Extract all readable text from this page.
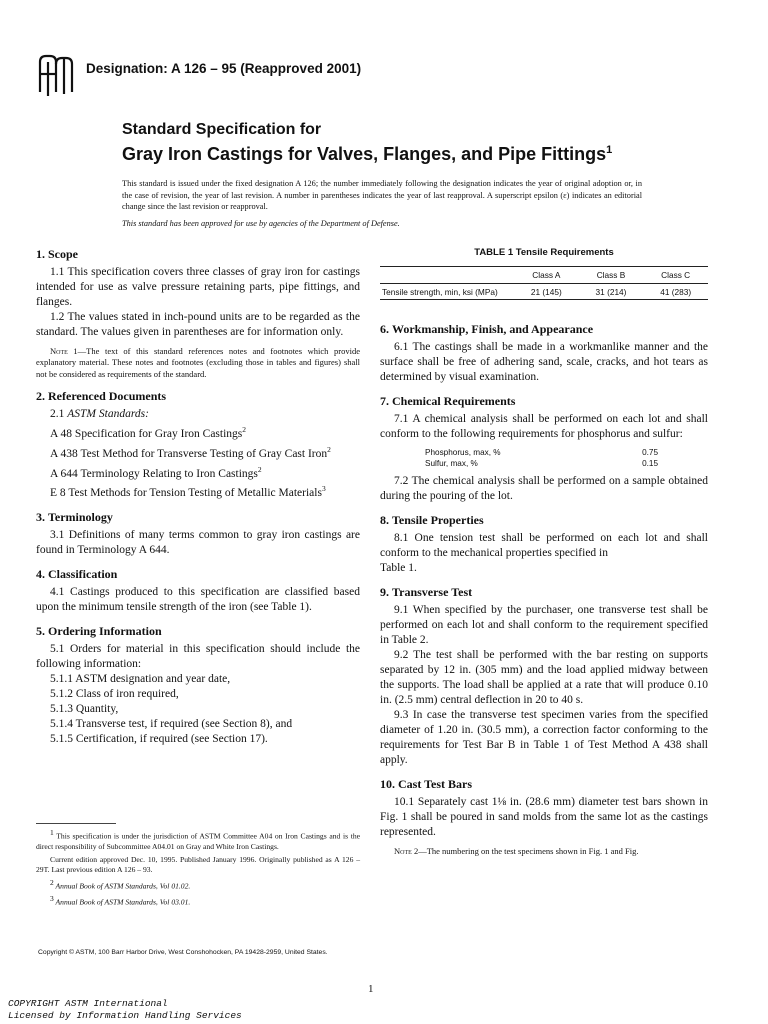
Designation: A 126 – 95 (Reapproved 2001)
Standard Specification for
Gray Iron Castings for Valves, Flanges, and Pipe Fittings$^1$
This standard is issued under the fixed designation A 126; the number immediately following the designation indicates the year of original adoption or, in the case of revision, the year of last revision. A number in parentheses indicates the year of last reapproval. A superscript epsilon (ε) indicates an editorial change since the last revision or reapproval.
This standard has been approved for use by agencies of the Department of Defense.
1. Scope

1.1 This specification covers three classes of gray iron for castings intended for use as valve pressure retaining parts, pipe fittings, and flanges.

1.2 The values stated in inch-pound units are to be regarded as the standard. The values given in parentheses are for information only.

Note 1—The text of this standard references notes and footnotes which provide explanatory material. These notes and footnotes (excluding those in tables and figures) shall not be considered as requirements of the standard.

2. Referenced Documents

2.1 ASTM Standards:

A 48 Specification for Gray Iron Castings$^2$
A 438 Test Method for Transverse Testing of Gray Cast Iron$^2$
A 644 Terminology Relating to Iron Castings$^2$
E 8 Test Methods for Tension Testing of Metallic Materials$^3$
3. Terminology

3.1 Definitions of many terms common to gray iron castings are found in Terminology A 644.

4. Classification

4.1 Castings produced to this specification are classified based upon the minimum tensile strength of the iron (see Table 1).

5. Ordering Information

5.1 Orders for material in this specification should include the following information:

5.1.1 ASTM designation and year date,
5.1.2 Class of iron required,
5.1.3 Quantity,
5.1.4 Transverse test, if required (see Section 8), and
5.1.5 Certification, if required (see Section 17).

$^1$ This specification is under the jurisdiction of ASTM Committee A04 on Iron Castings and is the direct responsibility of Subcommittee A04.01 on Gray and White Iron Castings.

Current edition approved Dec. 10, 1995. Published January 1996. Originally published as A 126 – 29T. Last previous edition A 126 – 93.

$^2$ Annual Book of ASTM Standards, Vol 01.02.

$^3$ Annual Book of ASTM Standards, Vol 03.01.

TABLE 1 Tensile Requirements
	Class A	Class B	Class C
Tensile strength, min, ksi (MPa)	21 (145)	31 (214)	41 (283)
6. Workmanship, Finish, and Appearance

6.1 The castings shall be made in a workmanlike manner and the surface shall be free of adhering sand, scale, cracks, and hot tears as determined by visual examination.

7. Chemical Requirements

7.1 A chemical analysis shall be performed on each lot and shall conform to the following requirements for phosphorus and sulfur:

Phosphorus, max, %	0.75
Sulfur, max, %	0.15

7.2 The chemical analysis shall be performed on a sample obtained during the pouring of the lot.

8. Tensile Properties

8.1 One tension test shall be performed on each lot and shall conform to the mechanical properties specified in

Table 1.

9. Transverse Test

9.1 When specified by the purchaser, one transverse test shall be performed on each lot and shall conform to the requirement specified in Table 2.

9.2 The test shall be performed with the bar resting on supports separated by 12 in. (305 mm) and the load applied midway between the supports. The load shall be applied at a rate that will produce 0.10 in. (2.5 mm) central deflection in 20 to 40 s.

9.3 In case the transverse test specimen varies from the specified diameter of 1.20 in. (30.5 mm), a correction factor conforming to the requirements for Test Bar B in Table 1 of Test Method A 438 shall apply.

10. Cast Test Bars

10.1 Separately cast 1⅛ in. (28.6 mm) diameter test bars shown in Fig. 1 shall be poured in sand molds from the same lot as the castings represented.

Note 2—The numbering on the test specimens shown in Fig. 1 and Fig.

Copyright © ASTM, 100 Barr Harbor Drive, West Conshohocken, PA 19428-2959, United States.
1
COPYRIGHT ASTM International
Licensed by Information Handling Services
